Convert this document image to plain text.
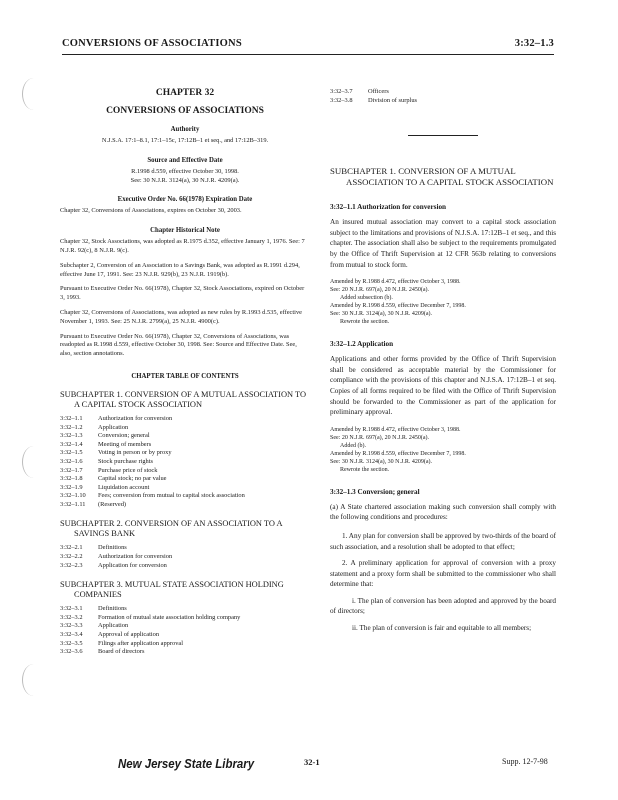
CONVERSIONS OF ASSOCIATIONS	3:32–1.3
CHAPTER 32
CONVERSIONS OF ASSOCIATIONS
Authority
N.J.S.A. 17:1–8.1, 17:1–15c, 17:12B–1 et seq., and 17:12B–319.
Source and Effective Date
R.1998 d.559, effective October 30, 1998.
See: 30 N.J.R. 3124(a), 30 N.J.R. 4209(a).
Executive Order No. 66(1978) Expiration Date
Chapter 32, Conversions of Associations, expires on October 30, 2003.
Chapter Historical Note
Chapter 32, Stock Associations, was adopted as R.1975 d.352, effective January 1, 1976. See: 7 N.J.R. 92(c), 8 N.J.R. 9(c).
Subchapter 2, Conversion of an Association to a Savings Bank, was adopted as R.1991 d.294, effective June 17, 1991. See: 23 N.J.R. 929(b), 23 N.J.R. 1919(b).
Pursuant to Executive Order No. 66(1978), Chapter 32, Stock Associations, expired on October 3, 1993.
Chapter 32, Conversions of Associations, was adopted as new rules by R.1993 d.535, effective November 1, 1993. See: 25 N.J.R. 2799(a), 25 N.J.R. 4900(c).
Pursuant to Executive Order No. 66(1978), Chapter 32, Conversions of Associations, was readopted as R.1998 d.559, effective October 30, 1998. See: Source and Effective Date. See, also, section annotations.
CHAPTER TABLE OF CONTENTS
SUBCHAPTER 1. CONVERSION OF A MUTUAL ASSOCIATION TO A CAPITAL STOCK ASSOCIATION
3:32–1.1 Authorization for conversion
3:32–1.2 Application
3:32–1.3 Conversion; general
3:32–1.4 Meeting of members
3:32–1.5 Voting in person or by proxy
3:32–1.6 Stock purchase rights
3:32–1.7 Purchase price of stock
3:32–1.8 Capital stock; no par value
3:32–1.9 Liquidation account
3:32–1.10 Fees; conversion from mutual to capital stock association
3:32–1.11 (Reserved)
SUBCHAPTER 2. CONVERSION OF AN ASSOCIATION TO A SAVINGS BANK
3:32–2.1 Definitions
3:32–2.2 Authorization for conversion
3:32–2.3 Application for conversion
SUBCHAPTER 3. MUTUAL STATE ASSOCIATION HOLDING COMPANIES
3:32–3.1 Definitions
3:32–3.2 Formation of mutual state association holding company
3:32–3.3 Application
3:32–3.4 Approval of application
3:32–3.5 Filings after application approval
3:32–3.6 Board of directors
3:32–3.7 Officers
3:32–3.8 Division of surplus
SUBCHAPTER 1. CONVERSION OF A MUTUAL ASSOCIATION TO A CAPITAL STOCK ASSOCIATION
3:32–1.1 Authorization for conversion
An insured mutual association may convert to a capital stock association subject to the limitations and provisions of N.J.S.A. 17:12B–1 et seq., and this chapter. The association shall also be subject to the requirements promulgated by the Office of Thrift Supervision at 12 CFR 563b relating to conversions from mutual to stock form.
Amended by R.1988 d.472, effective October 3, 1988.
See: 20 N.J.R. 697(a), 20 N.J.R. 2450(a).
Added subsection (b).
Amended by R.1998 d.559, effective December 7, 1998.
See: 30 N.J.R. 3124(a), 30 N.J.R. 4209(a).
Rewrote the section.
3:32–1.2 Application
Applications and other forms provided by the Office of Thrift Supervision shall be considered as acceptable material by the Commissioner for compliance with the provisions of this chapter and N.J.S.A. 17:12B–1 et seq. Copies of all forms required to be filed with the Office of Thrift Supervision should be forwarded to the Commissioner as part of the application for preliminary approval.
Amended by R.1988 d.472, effective October 3, 1988.
See: 20 N.J.R. 697(a), 20 N.J.R. 2450(a).
Added (b).
Amended by R.1998 d.559, effective December 7, 1998.
See: 30 N.J.R. 3124(a), 30 N.J.R. 4209(a).
Rewrote the section.
3:32–1.3 Conversion; general
(a) A State chartered association making such conversion shall comply with the following conditions and procedures:
1. Any plan for conversion shall be approved by two-thirds of the board of such association, and a resolution shall be adopted to that effect;
2. A preliminary application for approval of conversion with a proxy statement and a proxy form shall be submitted to the commissioner who shall determine that:
i. The plan of conversion has been adopted and approved by the board of directors;
ii. The plan of conversion is fair and equitable to all members;
New Jersey State Library	32-1	Supp. 12-7-98
